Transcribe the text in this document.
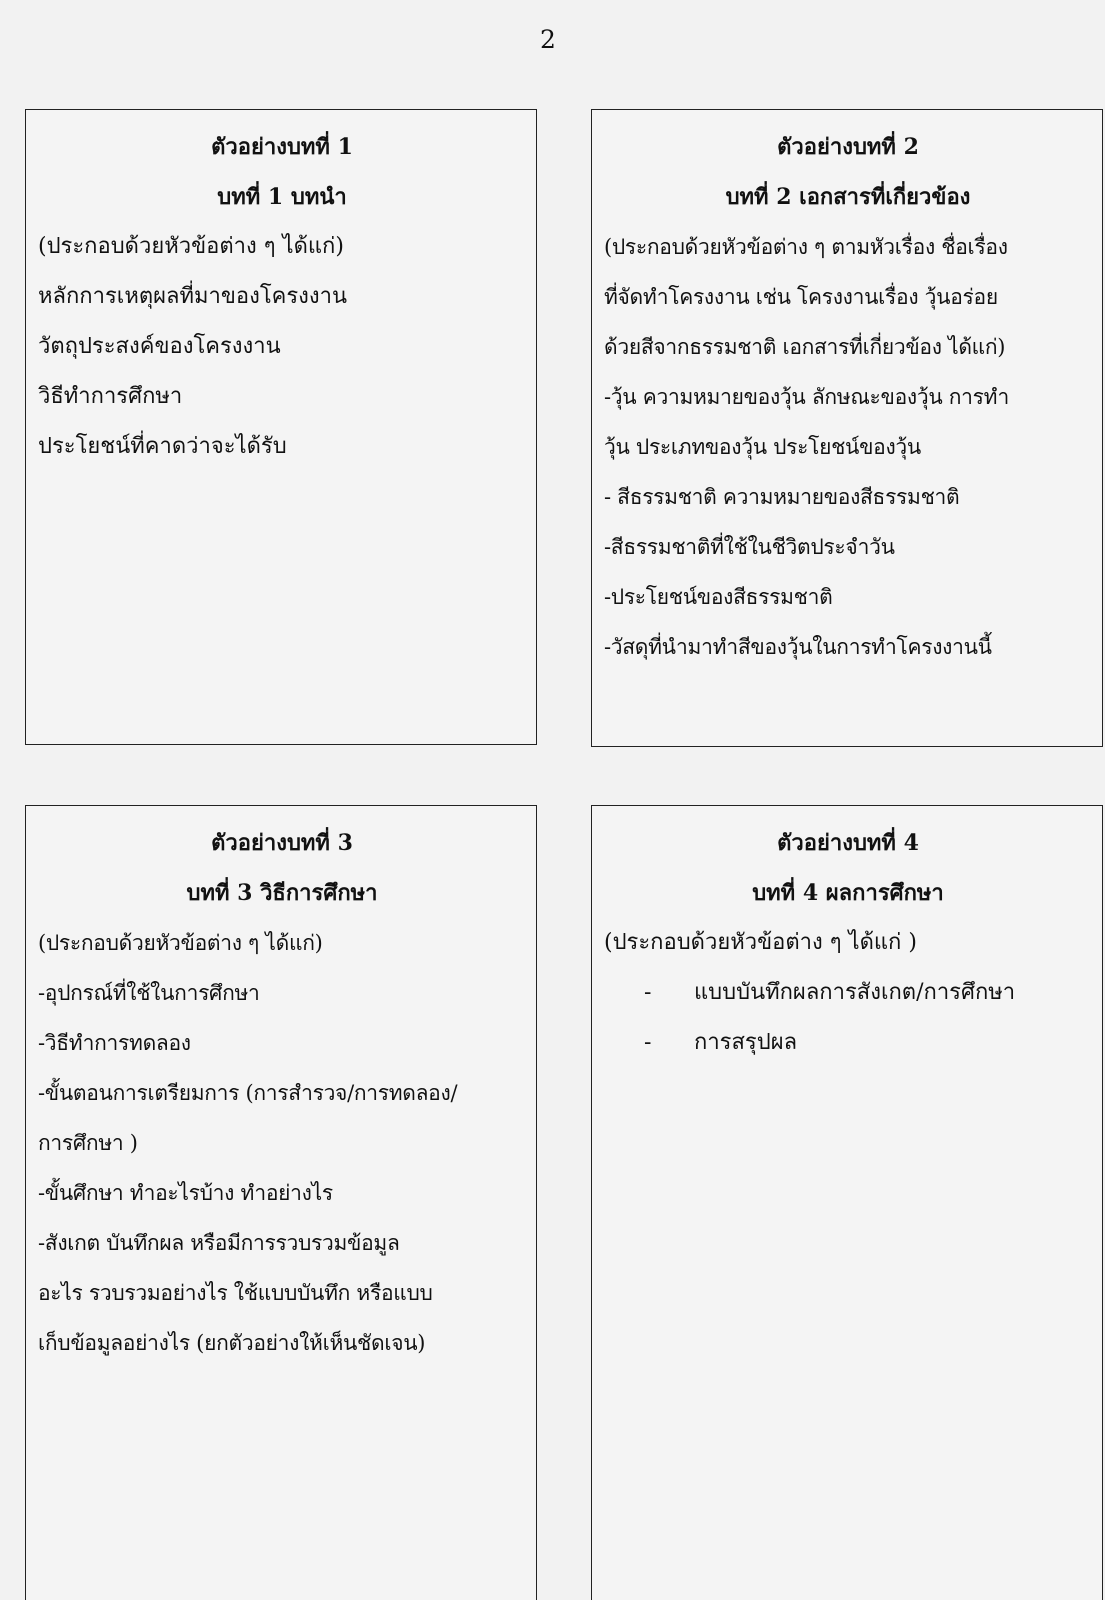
2
ตัวอย่างบทที่ 1
บทที่ 1 บทนำ
(ประกอบด้วยหัวข้อต่าง ๆ ได้แก่)
หลักการเหตุผลที่มาของโครงงาน
วัตถุประสงค์ของโครงงาน
วิธีทำการศึกษา
ประโยชน์ที่คาดว่าจะได้รับ
ตัวอย่างบทที่ 2
บทที่ 2 เอกสารที่เกี่ยวข้อง
(ประกอบด้วยหัวข้อต่าง ๆ ตามหัวเรื่อง ชื่อเรื่อง
ที่จัดทำโครงงาน เช่น โครงงานเรื่อง วุ้นอร่อย
ด้วยสีจากธรรมชาติ เอกสารที่เกี่ยวข้อง ได้แก่)
-วุ้น ความหมายของวุ้น ลักษณะของวุ้น การทำ
วุ้น ประเภทของวุ้น ประโยชน์ของวุ้น
- สีธรรมชาติ ความหมายของสีธรรมชาติ
-สีธรรมชาติที่ใช้ในชีวิตประจำวัน
-ประโยชน์ของสีธรรมชาติ
-วัสดุที่นำมาทำสีของวุ้นในการทำโครงงานนี้
ตัวอย่างบทที่ 3
บทที่ 3 วิธีการศึกษา
(ประกอบด้วยหัวข้อต่าง ๆ ได้แก่)
-อุปกรณ์ที่ใช้ในการศึกษา
-วิธีทำการทดลอง
-ขั้นตอนการเตรียมการ (การสำรวจ/การทดลอง/
การศึกษา )
-ขั้นศึกษา ทำอะไรบ้าง ทำอย่างไร
-สังเกต บันทึกผล หรือมีการรวบรวมข้อมูล
อะไร รวบรวมอย่างไร ใช้แบบบันทึก หรือแบบ
เก็บข้อมูลอย่างไร (ยกตัวอย่างให้เห็นชัดเจน)
ตัวอย่างบทที่ 4
บทที่ 4 ผลการศึกษา
(ประกอบด้วยหัวข้อต่าง ๆ ได้แก่ )
- แบบบันทึกผลการสังเกต/การศึกษา
- การสรุปผล
